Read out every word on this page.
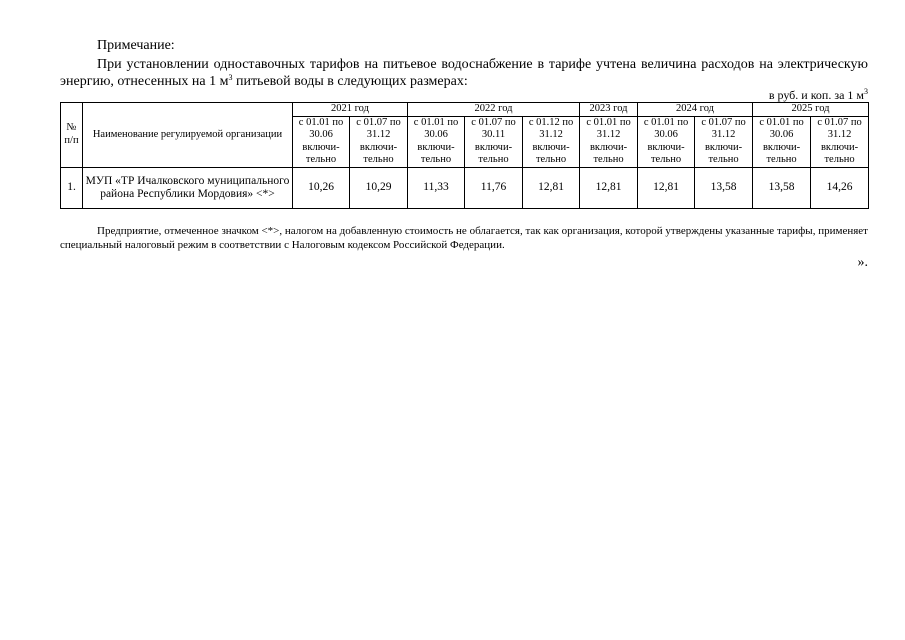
Примечание:
При установлении одноставочных тарифов на питьевое водоснабжение в тарифе учтена величина расходов на электрическую энергию, отнесенных на 1 $м^3$ питьевой воды в следующих размерах:
в руб. и коп. за 1 $м^3$
№ п/п	Наименование регулируемой организации	2021 год		2022 год			2023 год	2024 год		2025 год	
		с 01.01 по 30.06 включи-тельно	с 01.07 по 31.12 включи-тельно	с 01.01 по 30.06 включи-тельно	с 01.07 по 30.11 включи-тельно	с 01.12 по 31.12 включи-тельно	с 01.01 по 31.12 включи-тельно	с 01.01 по 30.06 включи-тельно	с 01.07 по 31.12 включи-тельно	с 01.01 по 30.06 включи-тельно	с 01.07 по 31.12 включи-тельно
1.	МУП «ТР Ичалковского муниципального района Республики Мордовия» <*>	10,26	10,29	11,33	11,76	12,81	12,81	12,81	13,58	13,58	14,26
Предприятие, отмеченное значком <*>, налогом на добавленную стоимость не облагается, так как организация, которой утверждены указанные тарифы, применяет специальный налоговый режим в соответствии с Налоговым кодексом Российской Федерации.
».
